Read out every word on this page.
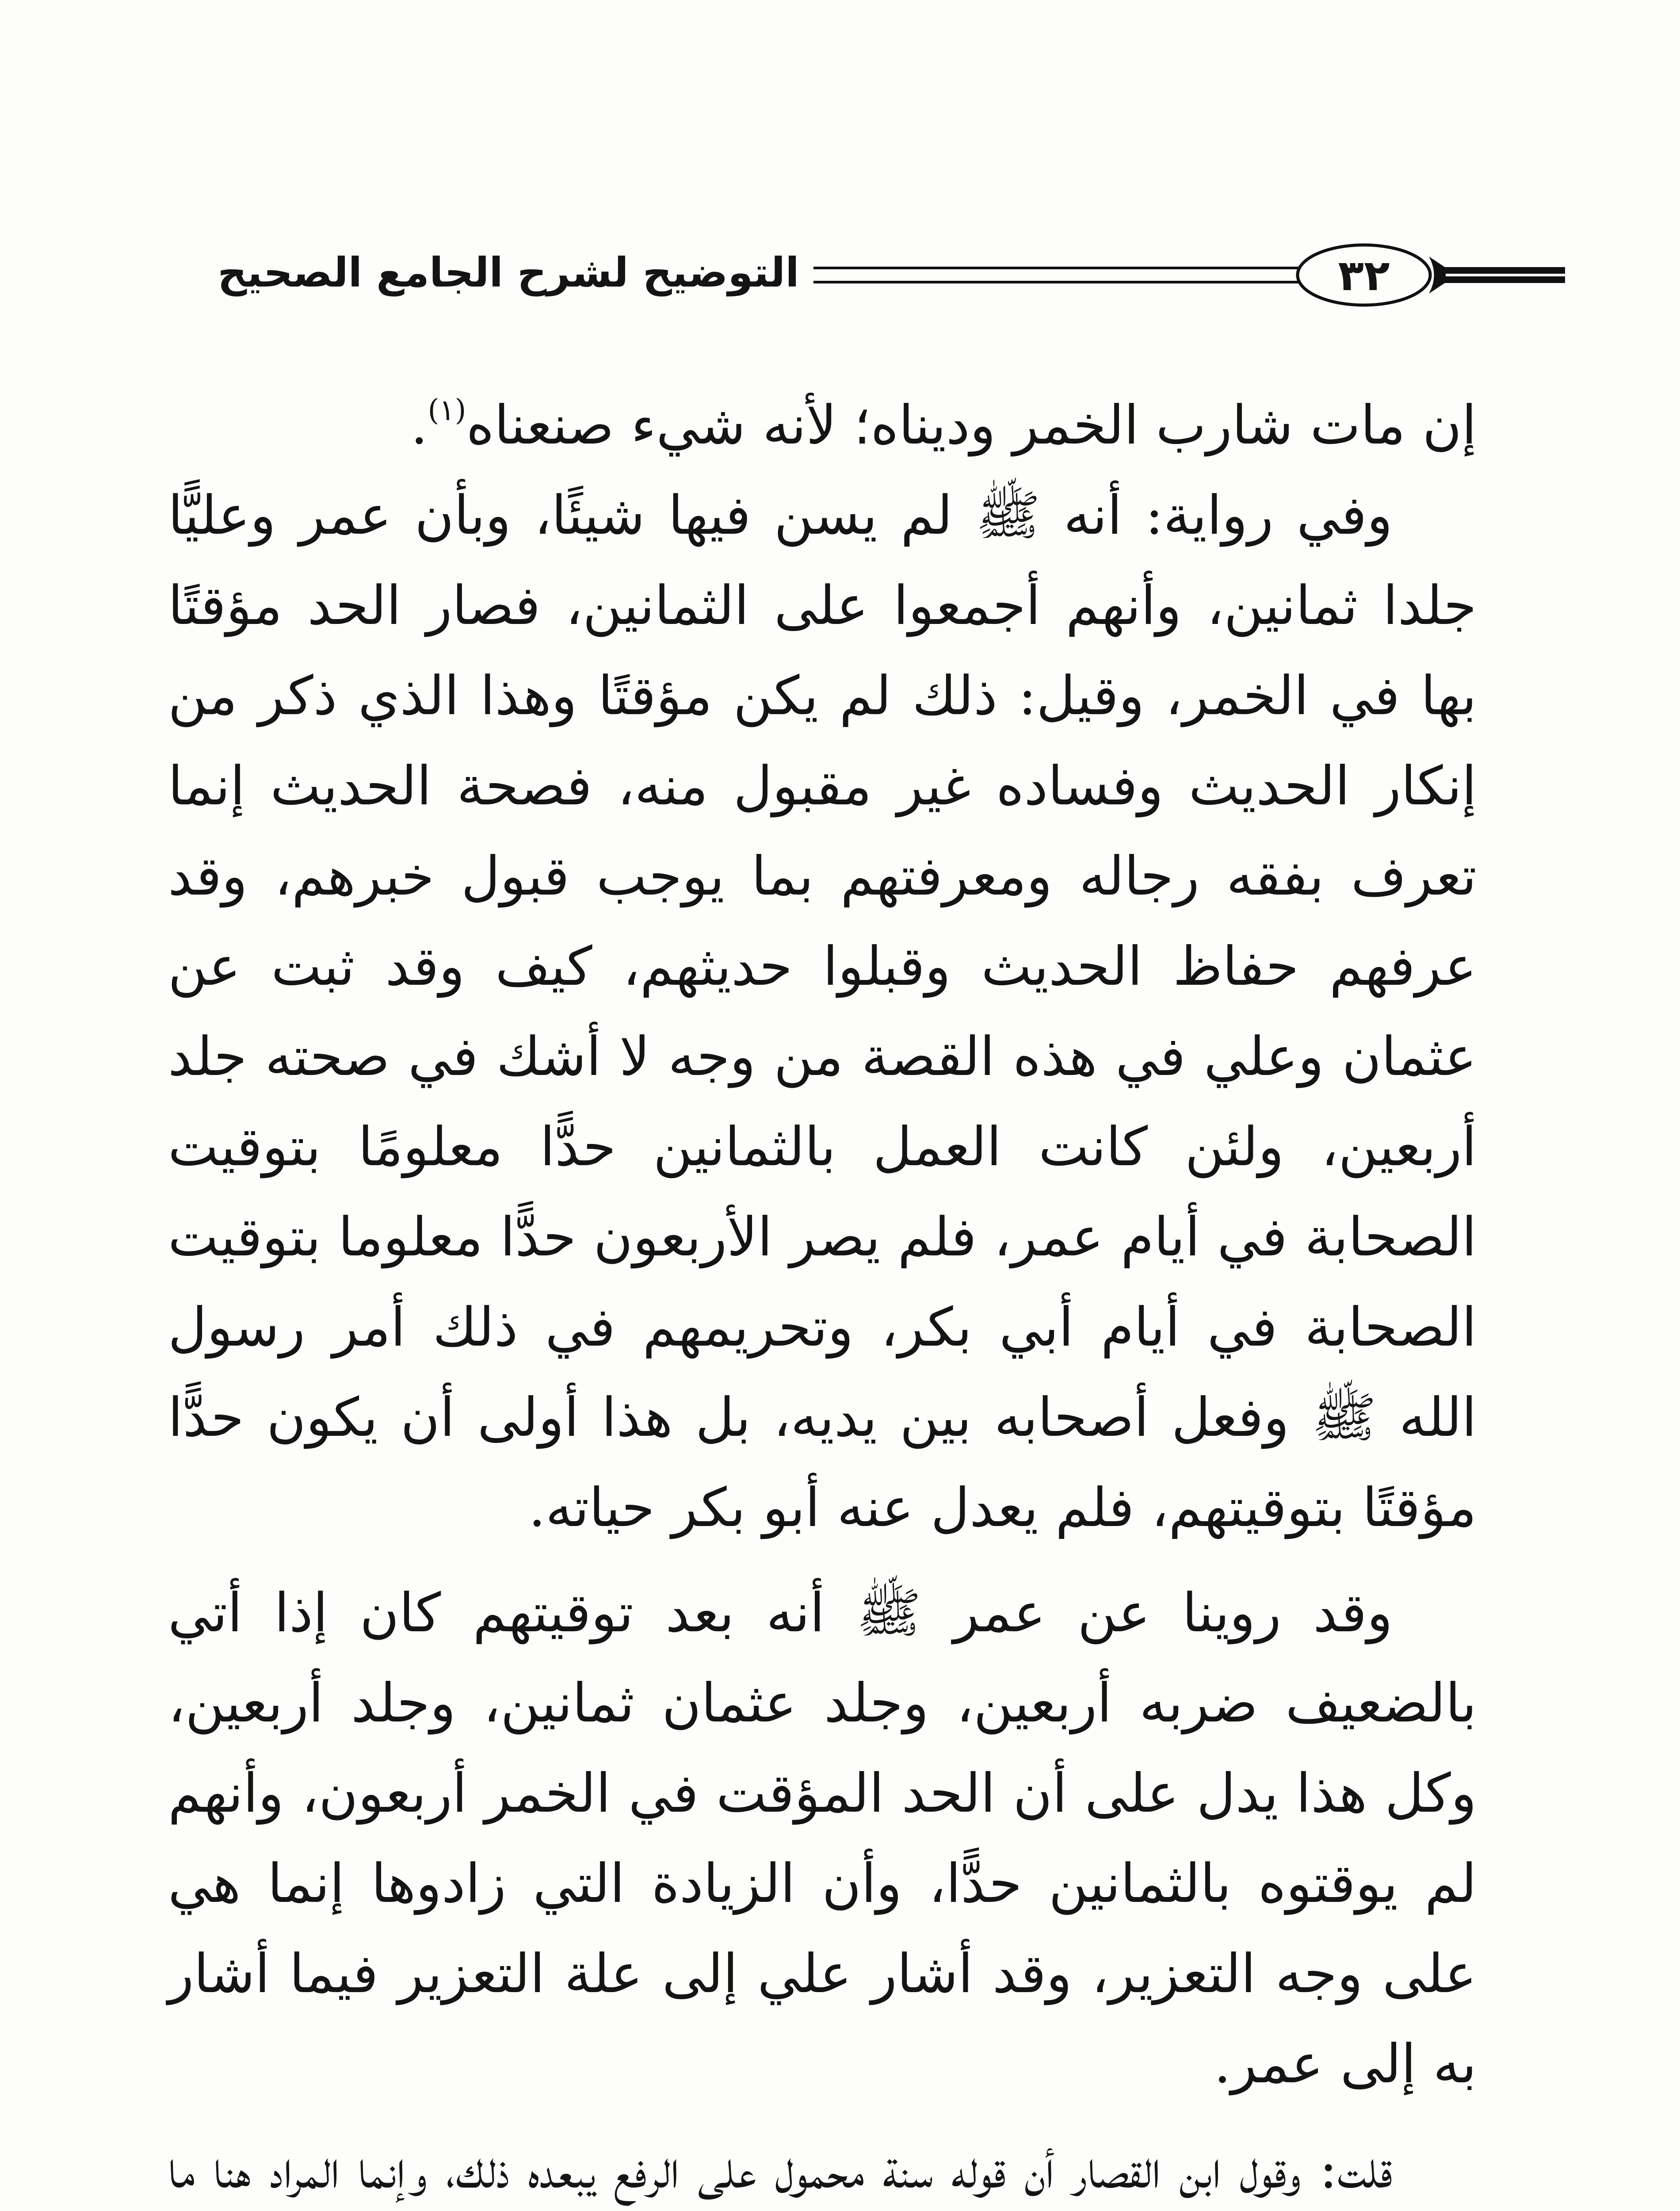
التوضيح لشرح الجامع الصحيح	٣٢

إن مات شارب الخمر وديناه؛ لأنه شيء صنعناه$^{(١)}$.

وفي رواية: أنه ﷺ لم يسن فيها شيئًا، وبأن عمر وعليًّا جلدا ثمانين، وأنهم أجمعوا على الثمانين، فصار الحد مؤقتًا بها في الخمر، وقيل: ذلك لم يكن مؤقتًا وهذا الذي ذكر من إنكار الحديث وفساده غير مقبول منه، فصحة الحديث إنما تعرف بفقه رجاله ومعرفتهم بما يوجب قبول خبرهم، وقد عرفهم حفاظ الحديث وقبلوا حديثهم، كيف وقد ثبت عن عثمان وعلي في هذه القصة من وجه لا أشك في صحته جلد أربعين، ولئن كانت العمل بالثمانين حدًّا معلومًا بتوقيت الصحابة في أيام عمر، فلم يصر الأربعون حدًّا معلوما بتوقيت الصحابة في أيام أبي بكر، وتحريمهم في ذلك أمر رسول الله ﷺ وفعل أصحابه بين يديه، بل هذا أولى أن يكون حدًّا مؤقتًا بتوقيتهم، فلم يعدل عنه أبو بكر حياته.

وقد روينا عن عمر ﷺ أنه بعد توقيتهم كان إذا أتي بالضعيف ضربه أربعين، وجلد عثمان ثمانين، وجلد أربعين، وكل هذا يدل على أن الحد المؤقت في الخمر أربعون، وأنهم لم يوقتوه بالثمانين حدًّا، وأن الزيادة التي زادوها إنما هي على وجه التعزير، وقد أشار علي إلى علة التعزير فيما أشار به إلى عمر.

قلت: وقول ابن القصار أن قوله سنة محمول على الرفع يبعده ذلك، وإنما المراد هنا ما
